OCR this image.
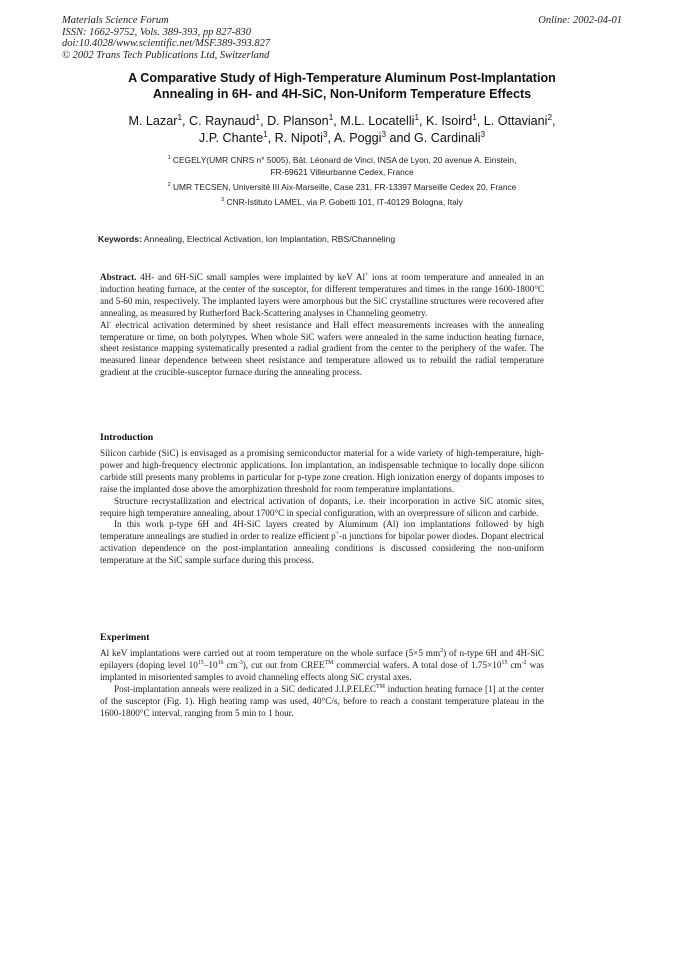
Materials Science Forum
ISSN: 1662-9752, Vols. 389-393, pp 827-830
doi:10.4028/www.scientific.net/MSF.389-393.827
© 2002 Trans Tech Publications Ltd, Switzerland
Online: 2002-04-01
A Comparative Study of High-Temperature Aluminum Post-Implantation
Annealing in 6H- and 4H-SiC, Non-Uniform Temperature Effects
M. Lazar$^1$, C. Raynaud$^1$, D. Planson$^1$, M.L. Locatelli$^1$, K. Isoird$^1$, L. Ottaviani$^2$,
J.P. Chante$^1$, R. Nipoti$^3$, A. Poggi$^3$ and G. Cardinali$^3$

$^1$ CEGELY(UMR CNRS n° 5005), Bât. Léonard de Vinci, INSA de Lyon, 20 avenue A. Einstein,
FR-69621 Villeurbanne Cedex, France

$^2$ UMR TECSEN, Université III Aix-Marseille, Case 231, FR-13397 Marseille Cedex 20, France

$^3$ CNR-Istituto LAMEL, via P. Gobetti 101, IT-40129 Bologna, Italy

Keywords: Annealing, Electrical Activation, Ion Implantation, RBS/Channeling

Abstract. 4H- and 6H-SiC small samples were implanted by keV Al+ ions at room temperature and annealed in an induction heating furnace, at the center of the susceptor, for different temperatures and times in the range 1600-1800°C and 5-60 min, respectively. The implanted layers were amorphous but the SiC crystalline structures were recovered after annealing, as measured by Rutherford Back-Scattering analyses in Channeling geometry.

Al- electrical activation determined by sheet resistance and Hall effect measurements increases with the annealing temperature or time, on both polytypes. When whole SiC wafers were annealed in the same induction heating furnace, sheet resistance mapping systematically presented a radial gradient from the center to the periphery of the wafer. The measured linear dependence between sheet resistance and temperature allowed us to rebuild the radial temperature gradient at the crucible-susceptor furnace during the annealing process.

Introduction

Silicon carbide (SiC) is envisaged as a promising semiconductor material for a wide variety of high-temperature, high-power and high-frequency electronic applications. Ion implantation, an indispensable technique to locally dope silicon carbide still presents many problems in particular for p-type zone creation. High ionization energy of dopants imposes to raise the implanted dose above the amorphization threshold for room temperature implantations.

Structure recrystallization and electrical activation of dopants, i.e. their incorporation in active SiC atomic sites, require high temperature annealing, about 1700°C in special configuration, with an overpressure of silicon and carbide.

In this work p-type 6H and 4H-SiC layers created by Aluminum (Al) ion implantations followed by high temperature annealings are studied in order to realize efficient p+-n junctions for bipolar power diodes. Dopant electrical activation dependence on the post-implantation annealing conditions is discussed considering the non-uniform temperature at the SiC sample surface during this process.

Experiment

Al keV implantations were carried out at room temperature on the whole surface (5×5 $mm^2$) of n-type 6H and 4H-SiC epilayers (doping level $10^{15}-10^{16}$ $cm^{-3}$), cut out from CREE™ commercial wafers. A total dose of $1.75\times 10^{15}$ $cm^{-2}$ was implanted in misoriented samples to avoid channeling effects along SiC crystal axes.

Post-implantation anneals were realized in a SiC dedicated J.I.P.ELEC™ induction heating furnace [1] at the center of the susceptor (Fig. 1). High heating ramp was used, 40°C/s, before to reach a constant temperature plateau in the 1600-1800°C interval, ranging from 5 min to 1 hour.
